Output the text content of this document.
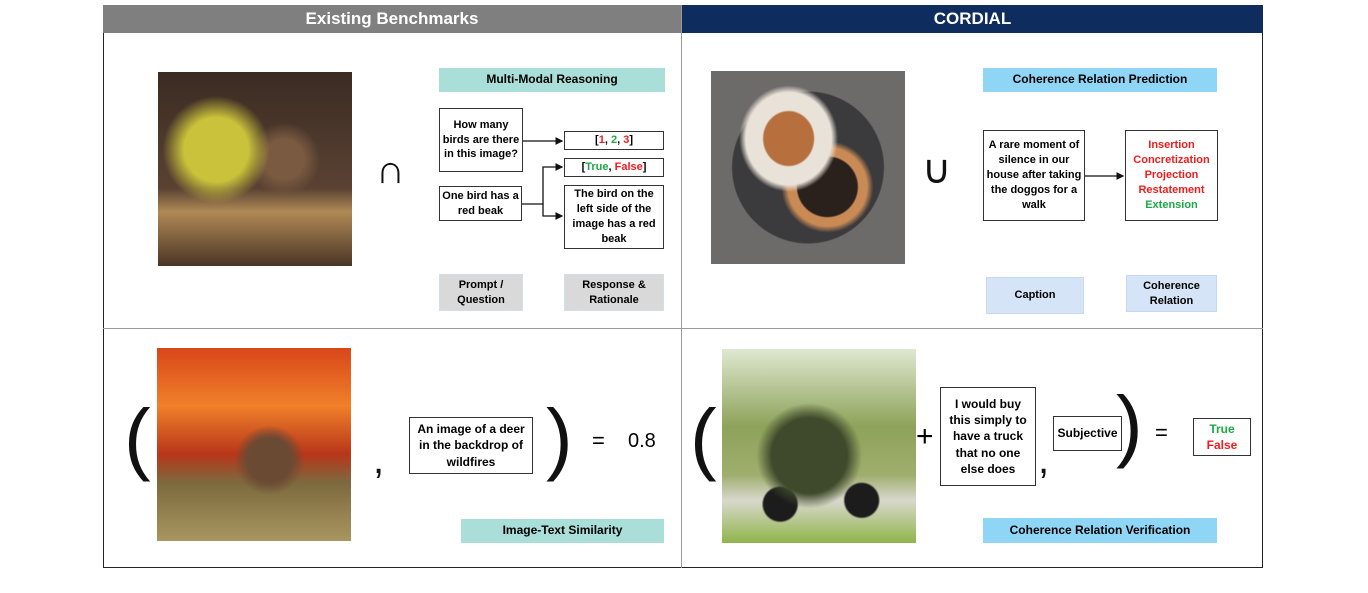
Existing Benchmarks	CORDIAL
∩
Multi-Modal Reasoning
How many birds are there in this image?
[ 1 , 2 , 3 ]
[ True , False ]
One bird has a red beak
The bird on the left side of the image has a red beak
Prompt / Question
Response & Rationale
∪
Coherence Relation Prediction
A rare moment of silence in our house after taking the doggos for a walk
Insertion
Concretization
Projection
Restatement
Extension
Caption
Coherence Relation
(	,
An image of a deer in the backdrop of wildfires ) = 0.8
Image-Text Similarity
(	+
I would buy this simply to have a truck that no one else does ,
Subjective
) =	True
False
Coherence Relation Verification
